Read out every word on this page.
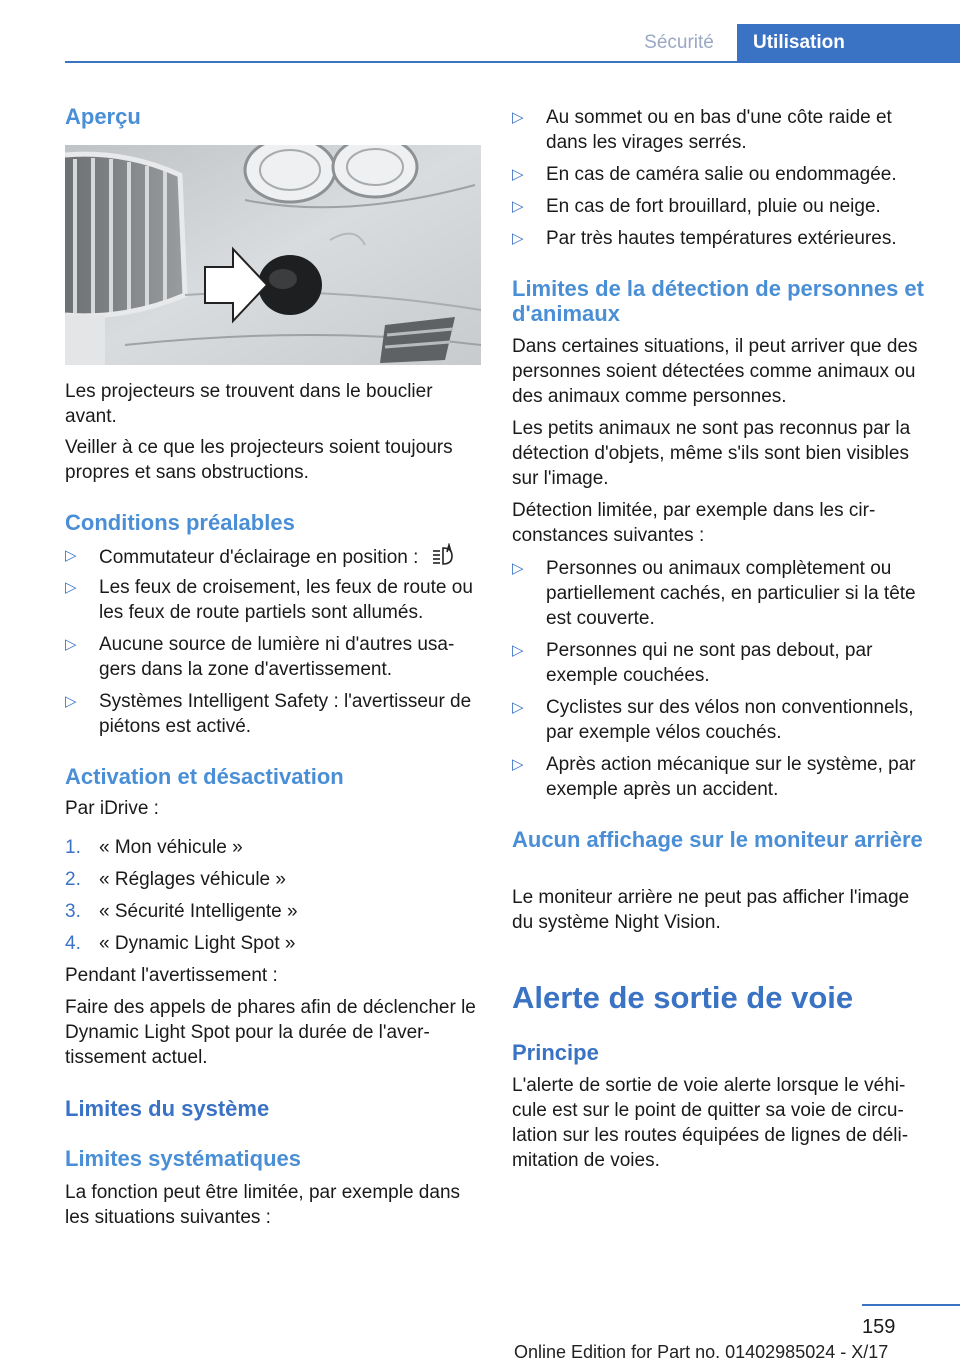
Sécurité Utilisation
Aperçu

Les projecteurs se trouvent dans le bouclier avant.

Veiller à ce que les projecteurs soient toujours propres et sans obstructions.

Conditions préalables
▷ Commutateur d'éclairage en position :
▷ Les feux de croisement, les feux de route ou les feux de route partiels sont allumés.
▷ Aucune source de lumière ni d'autres usagers dans la zone d'avertissement.
▷ Systèmes Intelligent Safety : l'avertisseur de piétons est activé.
Activation et désactivation

Par iDrive :

1. « Mon véhicule »
2. « Réglages véhicule »
3. « Sécurité Intelligente »
4. « Dynamic Light Spot »

Pendant l'avertissement :

Faire des appels de phares afin de déclencher le Dynamic Light Spot pour la durée de l'avertissement actuel.

Limites du système
Limites systématiques

La fonction peut être limitée, par exemple dans les situations suivantes :

▷ Au sommet ou en bas d'une côte raide et dans les virages serrés.
▷ En cas de caméra salie ou endommagée.
▷ En cas de fort brouillard, pluie ou neige.
▷ Par très hautes températures extérieures.
Limites de la détection de personnes et d'animaux

Dans certaines situations, il peut arriver que des personnes soient détectées comme animaux ou des animaux comme personnes.

Les petits animaux ne sont pas reconnus par la détection d'objets, même s'ils sont bien visibles sur l'image.

Détection limitée, par exemple dans les circonstances suivantes :

▷ Personnes ou animaux complètement ou partiellement cachés, en particulier si la tête est couverte.
▷ Personnes qui ne sont pas debout, par exemple couchées.
▷ Cyclistes sur des vélos non conventionnels, par exemple vélos couchés.
▷ Après action mécanique sur le système, par exemple après un accident.
Aucun affichage sur le moniteur arrière

Le moniteur arrière ne peut pas afficher l'image du système Night Vision.

Alerte de sortie de voie
Principe

L'alerte de sortie de voie alerte lorsque le véhicule est sur le point de quitter sa voie de circulation sur les routes équipées de lignes de délimitation de voies.

159
Online Edition for Part no. 01402985024 - X/17
